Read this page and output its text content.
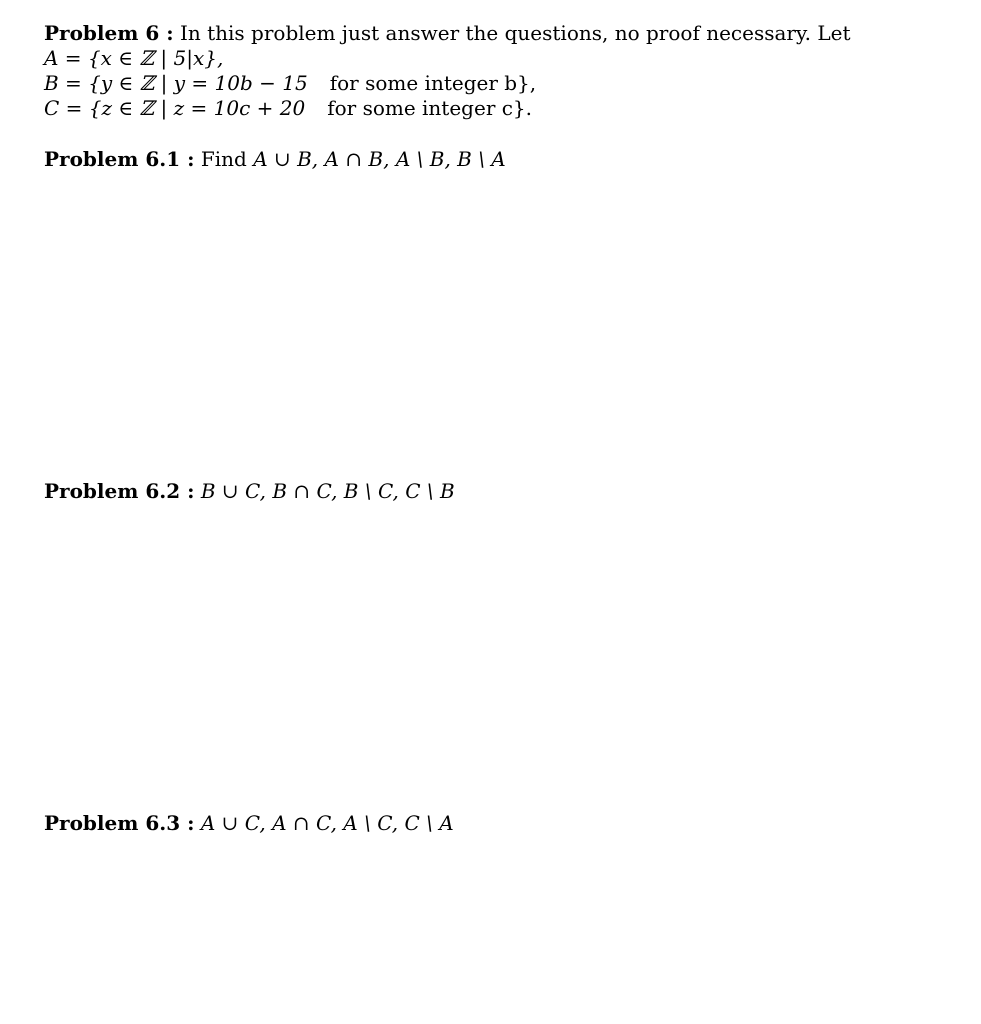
Problem 6 : In this problem just answer the questions, no proof necessary. Let
A = {x ∈ ℤ | 5|x},
B = {y ∈ ℤ | y = 10b − 15 for some integer b},
C = {z ∈ ℤ | z = 10c + 20 for some integer c}.
Problem 6.1 : Find A ∪ B, A ∩ B, A \ B, B \ A
Problem 6.2 : B ∪ C, B ∩ C, B \ C, C \ B
Problem 6.3 : A ∪ C, A ∩ C, A \ C, C \ A
